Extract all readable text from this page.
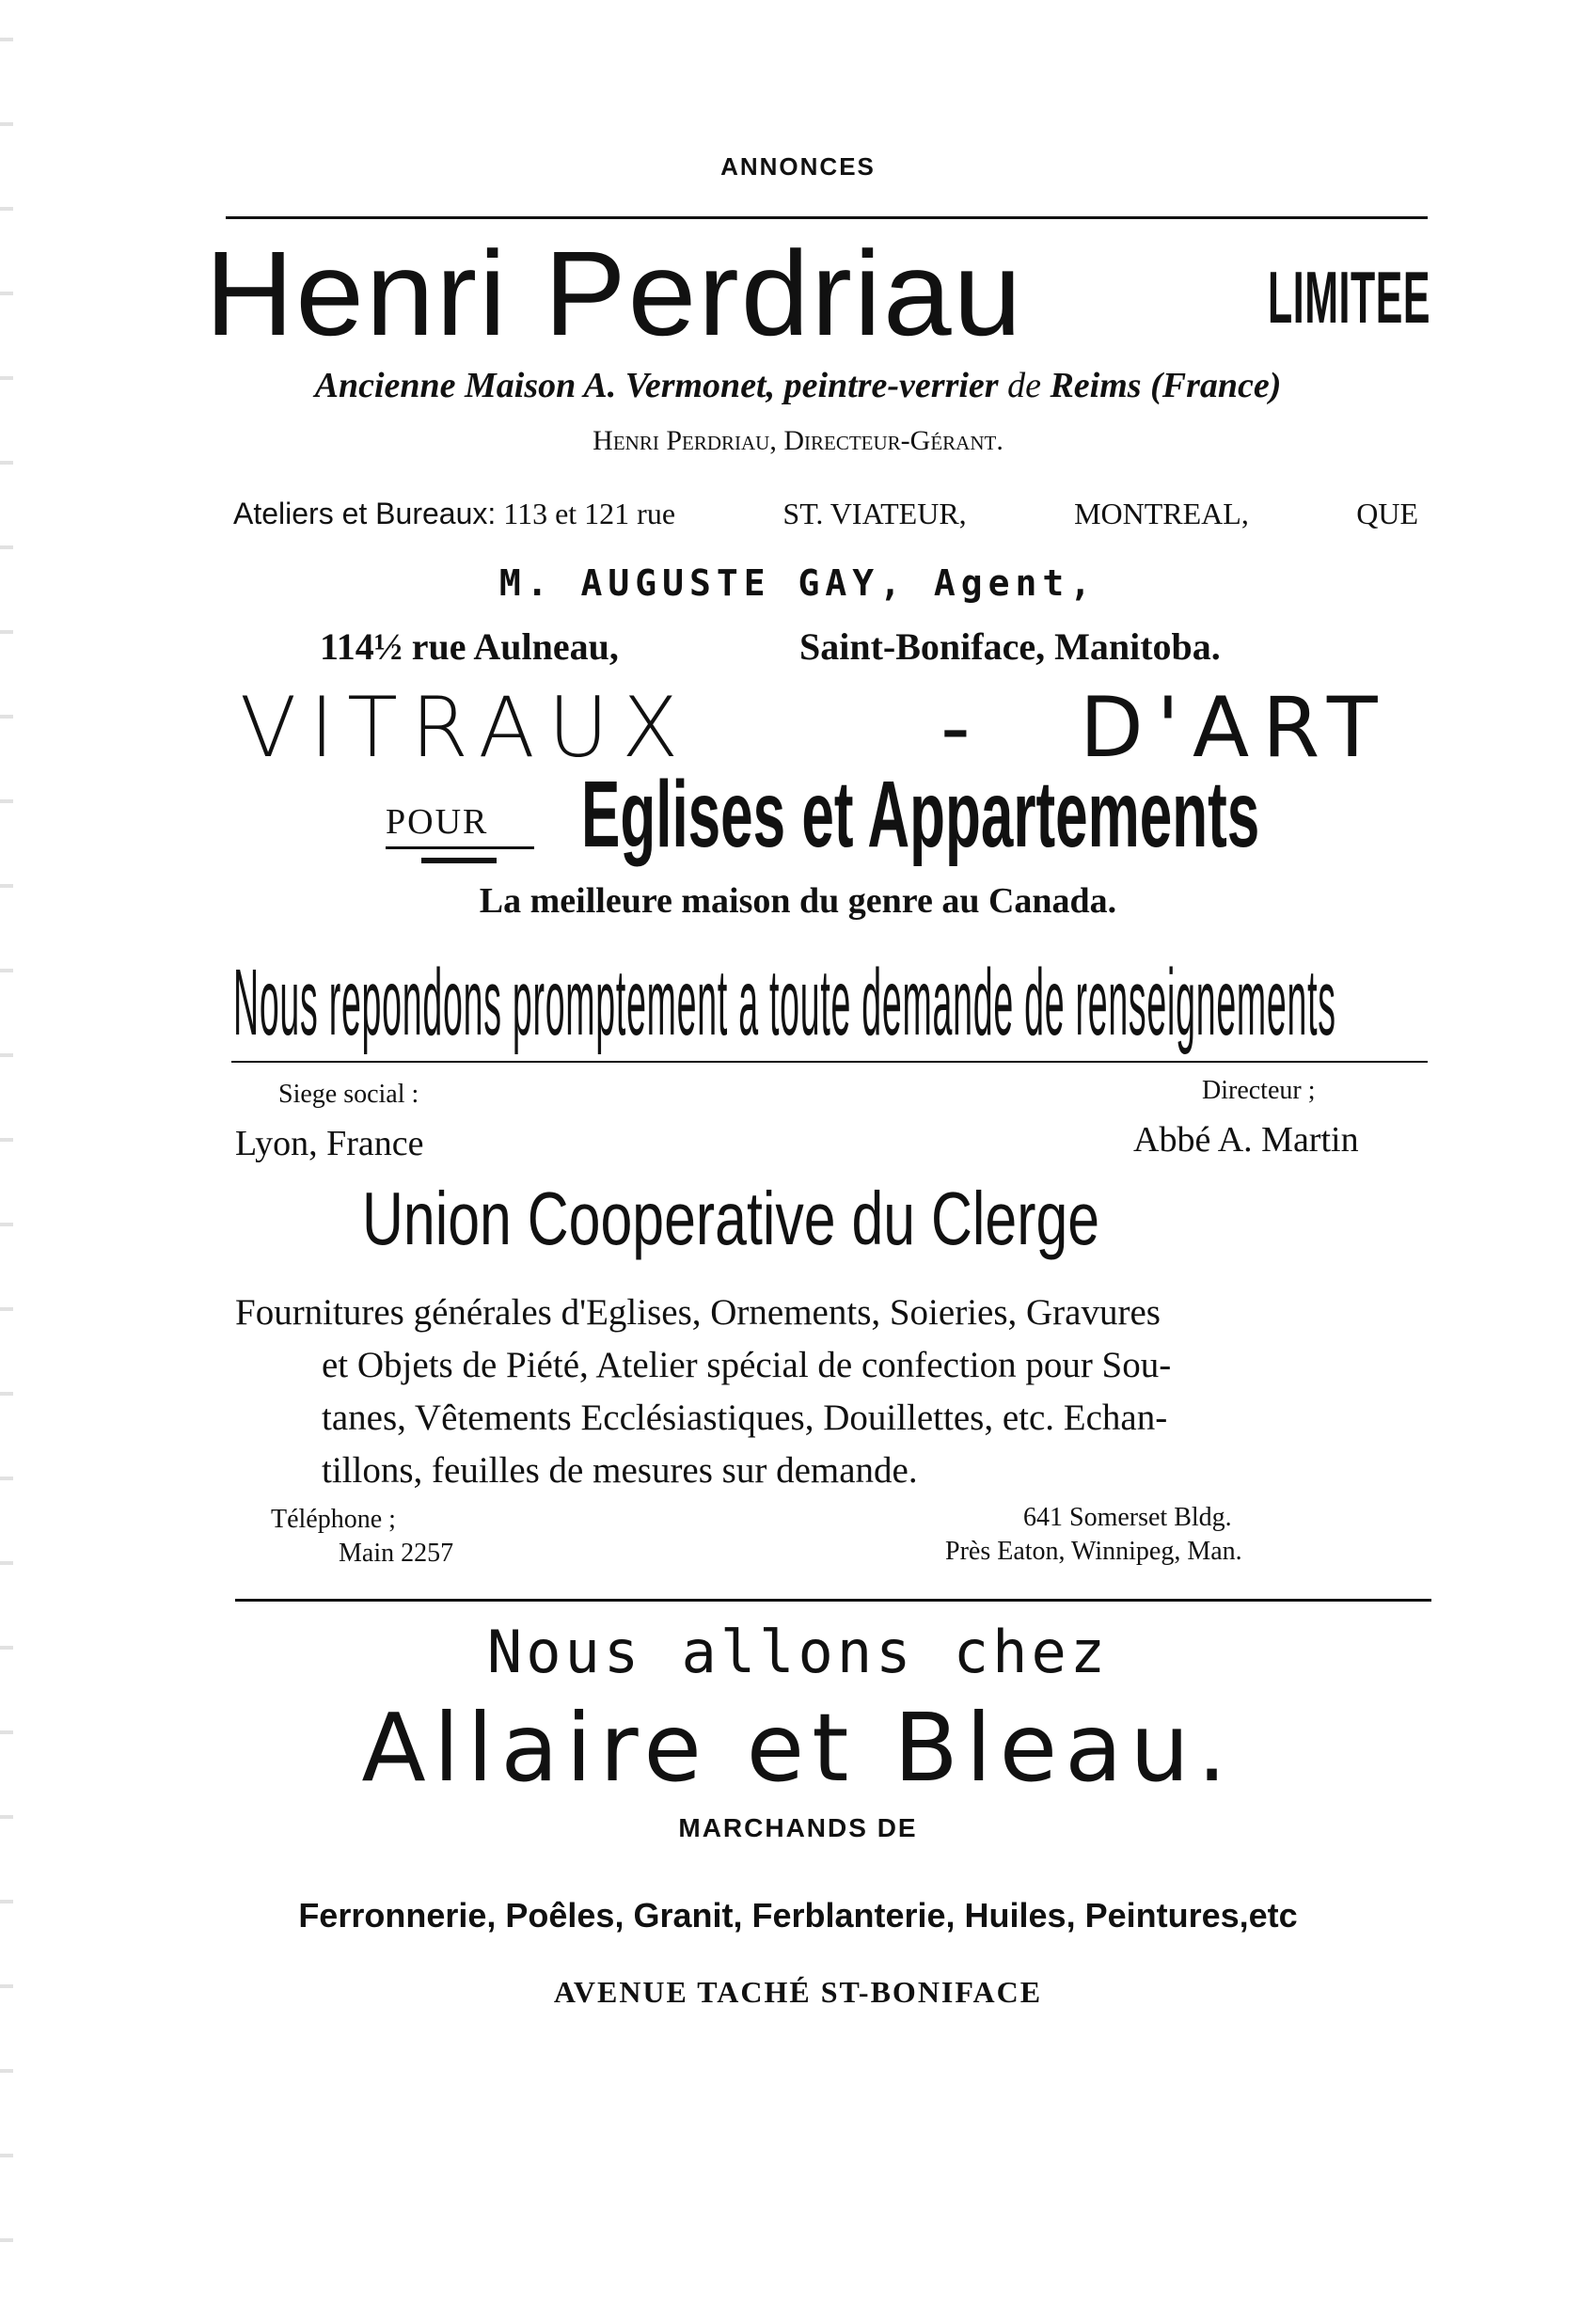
ANNONCES
Henri Perdriau	LIMITEE
Ancienne Maison A. Vermonet, peintre-verrier de Reims (France)
Henri Perdriau, Directeur-Gérant.
Ateliers et Bureaux: 113 et 121 rue	ST. VIATEUR,	MONTREAL,	QUE
M. AUGUSTE GAY, Agent,
114½ rue Aulneau,	Saint-Boniface, Manitoba.
VITRAUX	- D'ART
POUR Eglises et Appartements
La meilleure maison du genre au Canada.
Nous repondons promptement a toute demande de renseignements
Siege social :
Lyon, France
Directeur ;
Abbé A. Martin
Union Cooperative du Clerge
Fournitures générales d'Eglises, Ornements, Soieries, Gravures
et Objets de Piété, Atelier spécial de confection pour Sou-
tanes, Vêtements Ecclésiastiques, Douillettes, etc. Echan-
tillons, feuilles de mesures sur demande.
Téléphone ;
Main 2257
641 Somerset Bldg.
Près Eaton, Winnipeg, Man.
Nous allons chez
Allaire et Bleau.
MARCHANDS DE
Ferronnerie, Poêles, Granit, Ferblanterie, Huiles, Peintures,etc
AVENUE TACHÉ ST-BONIFACE
